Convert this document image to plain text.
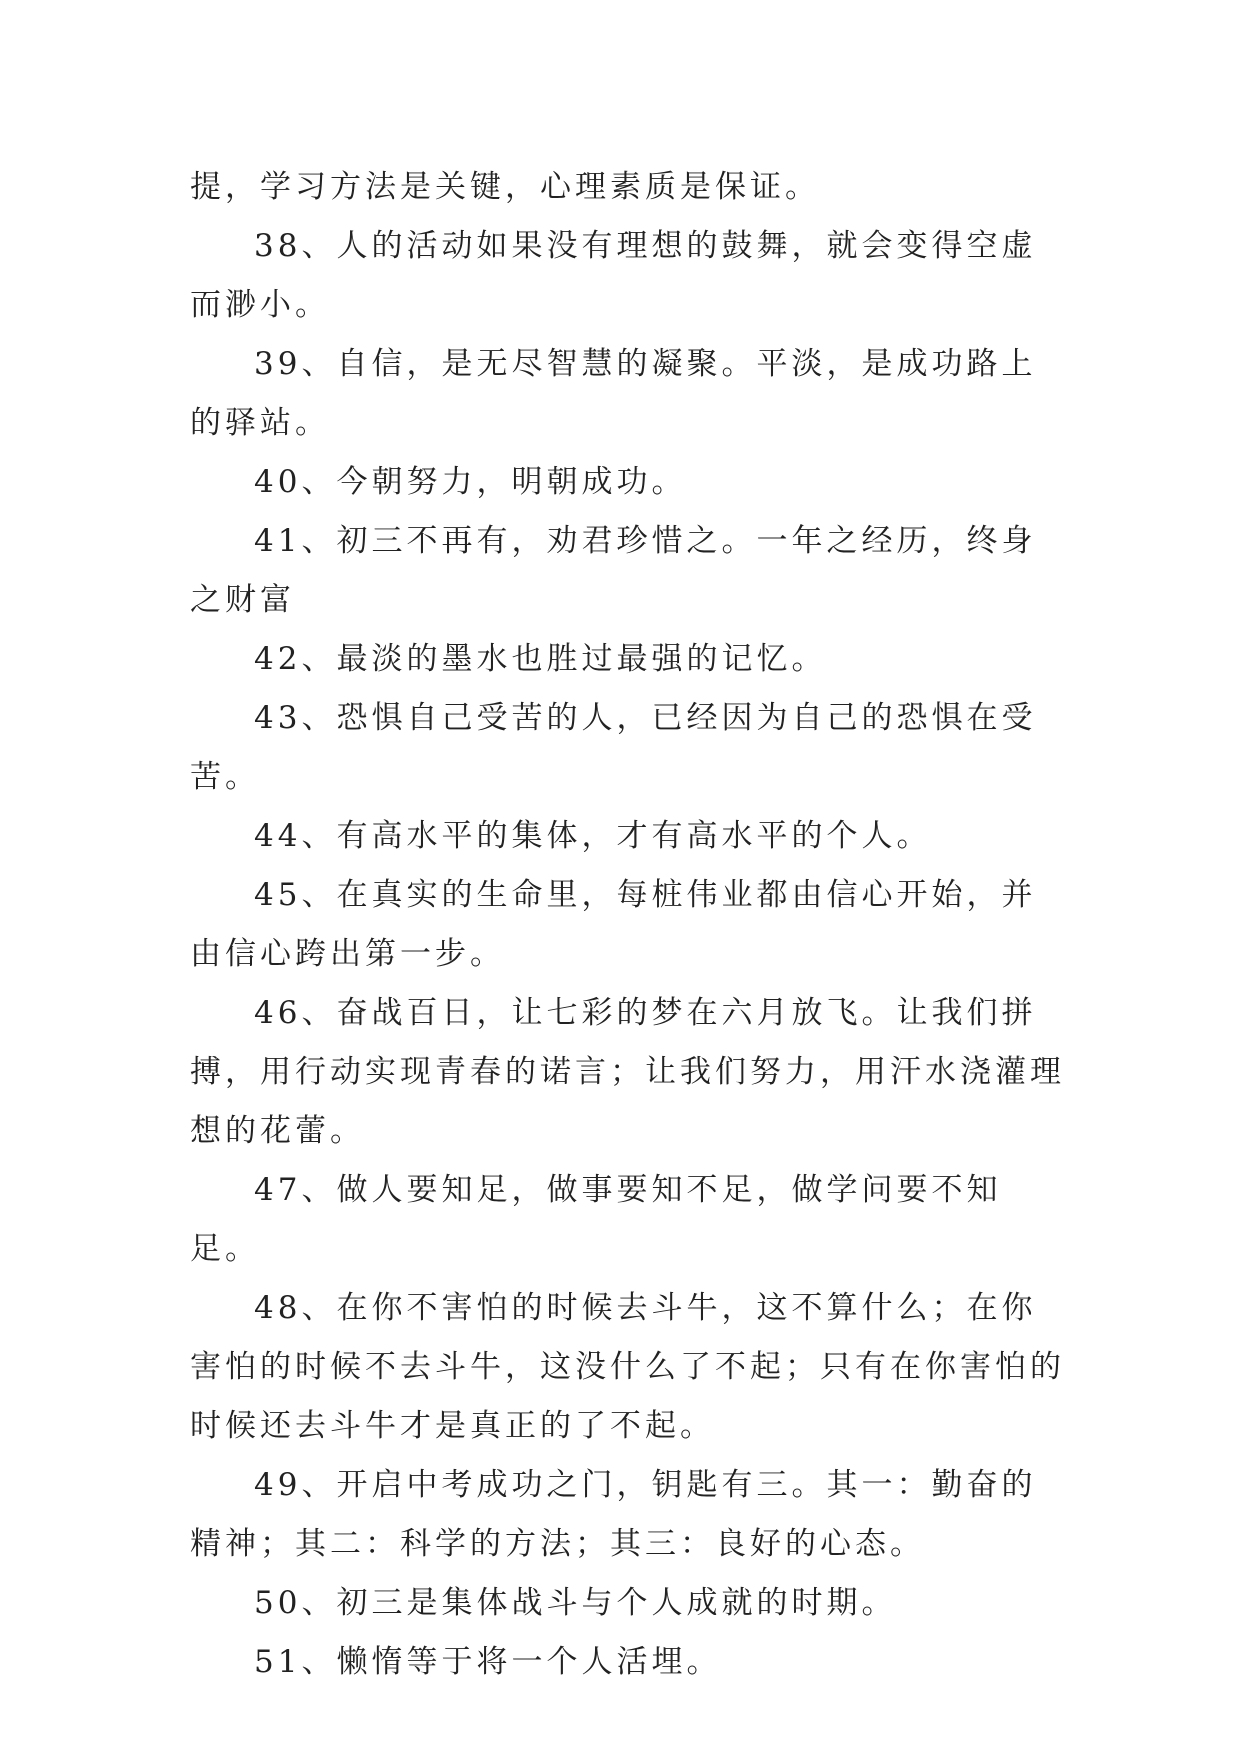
提，学习方法是关键，心理素质是保证。

38、人的活动如果没有理想的鼓舞，就会变得空虚而渺小。

39、自信，是无尽智慧的凝聚。平淡，是成功路上的驿站。

40、今朝努力，明朝成功。

41、初三不再有，劝君珍惜之。一年之经历，终身之财富

42、最淡的墨水也胜过最强的记忆。

43、恐惧自己受苦的人，已经因为自己的恐惧在受苦。

44、有高水平的集体，才有高水平的个人。

45、在真实的生命里，每桩伟业都由信心开始，并由信心跨出第一步。

46、奋战百日，让七彩的梦在六月放飞。让我们拼搏，用行动实现青春的诺言；让我们努力，用汗水浇灌理想的花蕾。

47、做人要知足，做事要知不足，做学问要不知足。

48、在你不害怕的时候去斗牛，这不算什么；在你害怕的时候不去斗牛，这没什么了不起；只有在你害怕的时候还去斗牛才是真正的了不起。

49、开启中考成功之门，钥匙有三。其一：勤奋的精神；其二：科学的方法；其三：良好的心态。

50、初三是集体战斗与个人成就的时期。

51、懒惰等于将一个人活埋。
